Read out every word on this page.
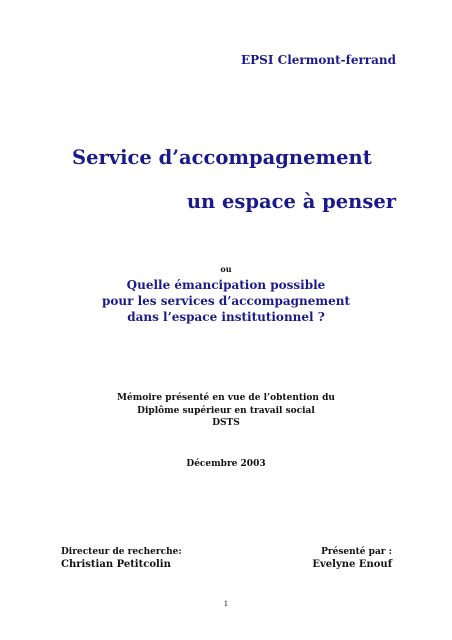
EPSI Clermont-ferrand
Service d’accompagnement
un espace à penser
ou
Quelle émancipation possible
pour les services d’accompagnement
dans l’espace institutionnel ?
Mémoire présenté en vue de l’obtention du
Diplôme supérieur en travail social
DSTS
Décembre 2003
Directeur de recherche:
Christian Petitcolin
Présenté par :
Evelyne Enouf
1
